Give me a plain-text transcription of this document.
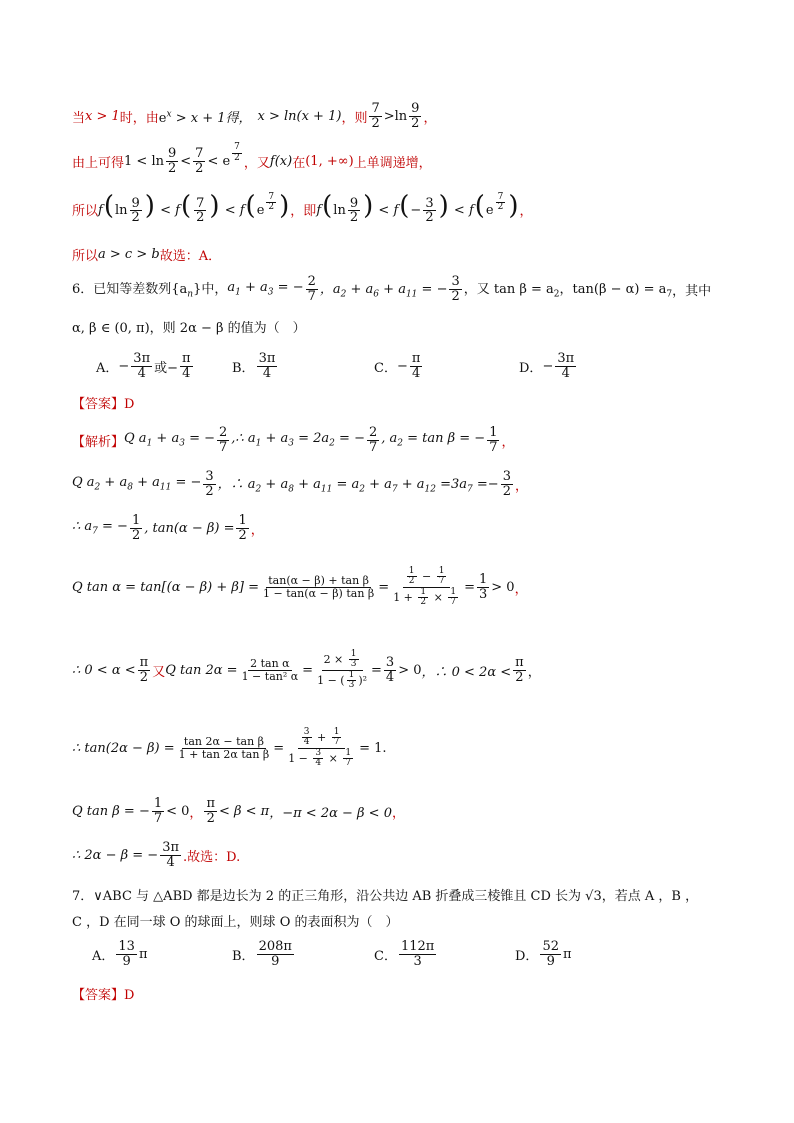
当 x > 1 时，由 $e^x > x + 1$得， x > ln(x + 1) ，则 $\frac{7}{2} >\ln \frac{9}{2}$ ，
由上可得 $1 < \ln \frac{9}{2} < \frac{7}{2} < e \frac{7}{2}$
，又 f(x) 在 (1, +∞) 上单调递增，
所以 $f(\ln \frac{9}{2}$ ) < $f( \frac{7}{2}$ ) < $f(e \frac{7}{2}$ ) ，即 $f(\ln \frac{9}{2}$ ) < $f(- \frac{3}{2}$ ) < $f(e \frac{7}{2}$ ) ，
所以 a > c > b 故选：A．
6．已知等差数列$\{a_n\}$中， $a_1 + a_3$ = − $\frac{2}{7}$ ，$a_2 + a_6 + a_{11}$ = − $\frac{3}{2}$ ，又 $\tan \beta = a_2$ ，$\tan(\beta - \alpha) = a_7$ ，其中
α, β ∈ (0, π)，则 2α − β 的值为（　）
A． − $\frac{3\pi}{4}$ 或− $\frac{\pi}{4}$	B． $\frac{3\pi}{4}$	C． − $\frac{\pi}{4}$	D． − $\frac{3\pi}{4}$
【答案】D
【解析】 Q $a_1 + a_3$ = − $\frac{2}{7}$ ,∴ $a_1 + a_3 = 2a_2$ = − $\frac{2}{7}$ , $a_2 = \tan \beta$ = − $\frac{1}{7}$ ，
Q $a_2 + a_8 + a_{11}$ = − $\frac{3}{2}$ ，∴ $a_2 + a_8 + a_{11} = a_2 + a_7 + a_{12} =3a_7 =- \frac{3}{2}$ ，
∴ $a_7$ = − $\frac{1}{2}$ , $\tan(\alpha - \beta) = \frac{1}{2}$ ，
Q $\tan \alpha = \tan[(\alpha - \beta) + \beta] = \frac{\text{tan(α − β) + tan β}}{\text{1 − tan(α − β) tan β}} = \frac{\frac{1}{2} - \frac{1}{7}}{1 + \frac{1}{2} \times \frac{1}{7}} = \frac{1}{3} > 0$ ，
∴ $0 < \alpha < \frac{\pi}{2}$ 又 Q $\tan 2\alpha = \frac{\text{2 tan α}}{\text{1 − tan² α}} = \frac{2 \times \frac{1}{3}}{1 - ( \frac{1}{3} )^2} = \frac{3}{4} > 0$ ，∴ $0 < 2\alpha < \frac{\pi}{2}$ ，
∴ $\tan(2\alpha - \beta) = \frac{\text{tan 2α − tan β}}{\text{1 + tan 2α tan β}} = \frac{\frac{3}{4} + \frac{1}{7}}{1 - \frac{3}{4} \times \frac{1}{7}} = 1$.
Q tan β = − $\frac{1}{7} < 0$ ， $\frac{\pi}{2} < \beta < \pi$ ，−π < 2α − β < 0 ，
∴ 2α − β = − $\frac{3\pi}{4}$ .故选：D.
7．∨ABC 与 △ABD 都是边长为 2 的正三角形，沿公共边 AB 折叠成三棱锥且 CD 长为 √3，若点 A ，B ，
C ，D 在同一球 O 的球面上，则球 O 的表面积为（　）
A． $\frac{13}{9}$ π	B． $\frac{208\pi}{9}$	C． $\frac{112\pi}{3}$	D． $\frac{52}{9}$ π
【答案】D
